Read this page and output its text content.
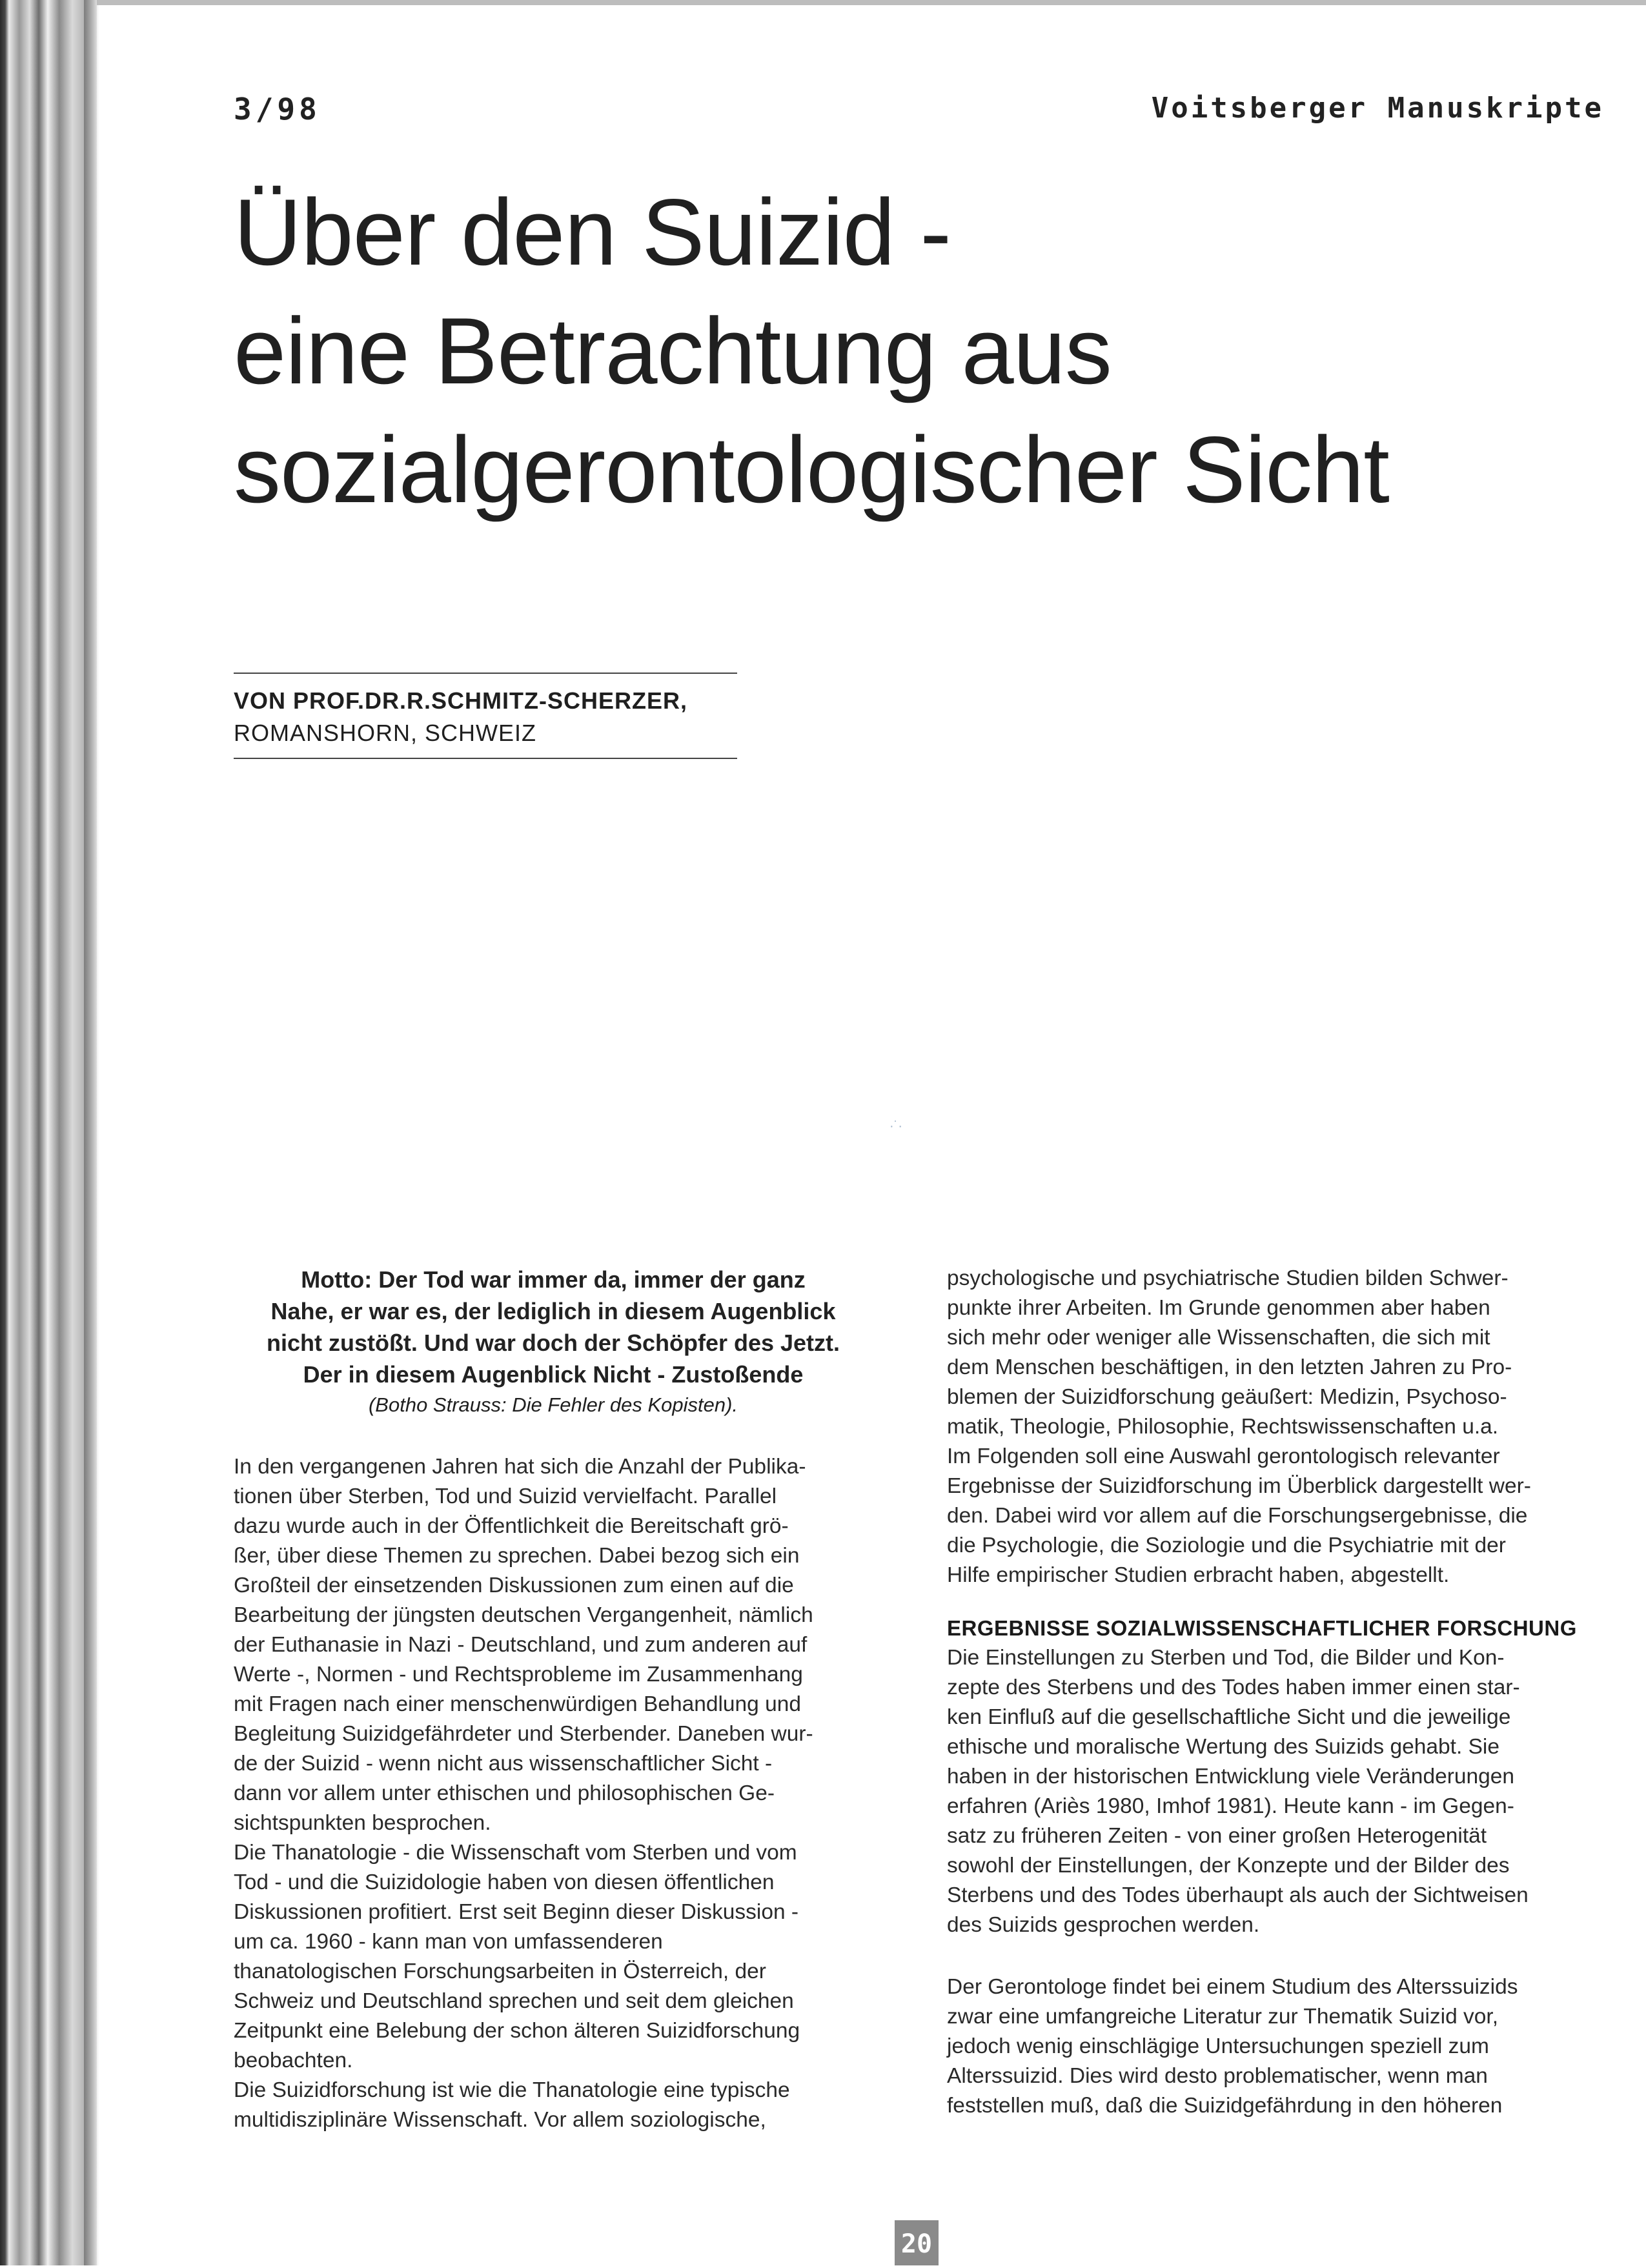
3/98	Voitsberger Manuskripte
Über den Suizid -
eine Betrachtung aus
sozialgerontologischer Sicht
VON PROF.DR.R.SCHMITZ-SCHERZER,
ROMANSHORN, SCHWEIZ
·˙·
Motto: Der Tod war immer da, immer der ganz
Nahe, er war es, der lediglich in diesem Augenblick
nicht zustößt. Und war doch der Schöpfer des Jetzt.
Der in diesem Augenblick Nicht - Zustoßende
(Botho Strauss: Die Fehler des Kopisten).
In den vergangenen Jahren hat sich die Anzahl der Publika-
tionen über Sterben, Tod und Suizid vervielfacht. Parallel
dazu wurde auch in der Öffentlichkeit die Bereitschaft grö-
ßer, über diese Themen zu sprechen. Dabei bezog sich ein
Großteil der einsetzenden Diskussionen zum einen auf die
Bearbeitung der jüngsten deutschen Vergangenheit, nämlich
der Euthanasie in Nazi - Deutschland, und zum anderen auf
Werte -, Normen - und Rechtsprobleme im Zusammenhang
mit Fragen nach einer menschenwürdigen Behandlung und
Begleitung Suizidgefährdeter und Sterbender. Daneben wur-
de der Suizid - wenn nicht aus wissenschaftlicher Sicht -
dann vor allem unter ethischen und philosophischen Ge-
sichtspunkten besprochen.
Die Thanatologie - die Wissenschaft vom Sterben und vom
Tod - und die Suizidologie haben von diesen öffentlichen
Diskussionen profitiert. Erst seit Beginn dieser Diskussion -
um ca. 1960 - kann man von umfassenderen
thanatologischen Forschungsarbeiten in Österreich, der
Schweiz und Deutschland sprechen und seit dem gleichen
Zeitpunkt eine Belebung der schon älteren Suizidforschung
beobachten.
Die Suizidforschung ist wie die Thanatologie eine typische
multidisziplinäre Wissenschaft. Vor allem soziologische,
psychologische und psychiatrische Studien bilden Schwer-
punkte ihrer Arbeiten. Im Grunde genommen aber haben
sich mehr oder weniger alle Wissenschaften, die sich mit
dem Menschen beschäftigen, in den letzten Jahren zu Pro-
blemen der Suizidforschung geäußert: Medizin, Psychoso-
matik, Theologie, Philosophie, Rechtswissenschaften u.a.
Im Folgenden soll eine Auswahl gerontologisch relevanter
Ergebnisse der Suizidforschung im Überblick dargestellt wer-
den. Dabei wird vor allem auf die Forschungsergebnisse, die
die Psychologie, die Soziologie und die Psychiatrie mit der
Hilfe empirischer Studien erbracht haben, abgestellt.
ERGEBNISSE SOZIALWISSENSCHAFTLICHER FORSCHUNG
Die Einstellungen zu Sterben und Tod, die Bilder und Kon-
zepte des Sterbens und des Todes haben immer einen star-
ken Einfluß auf die gesellschaftliche Sicht und die jeweilige
ethische und moralische Wertung des Suizids gehabt. Sie
haben in der historischen Entwicklung viele Veränderungen
erfahren (Ariès 1980, Imhof 1981). Heute kann - im Gegen-
satz zu früheren Zeiten - von einer großen Heterogenität
sowohl der Einstellungen, der Konzepte und der Bilder des
Sterbens und des Todes überhaupt als auch der Sichtweisen
des Suizids gesprochen werden.
Der Gerontologe findet bei einem Studium des Alterssuizids
zwar eine umfangreiche Literatur zur Thematik Suizid vor,
jedoch wenig einschlägige Untersuchungen speziell zum
Alterssuizid. Dies wird desto problematischer, wenn man
feststellen muß, daß die Suizidgefährdung in den höheren
20
